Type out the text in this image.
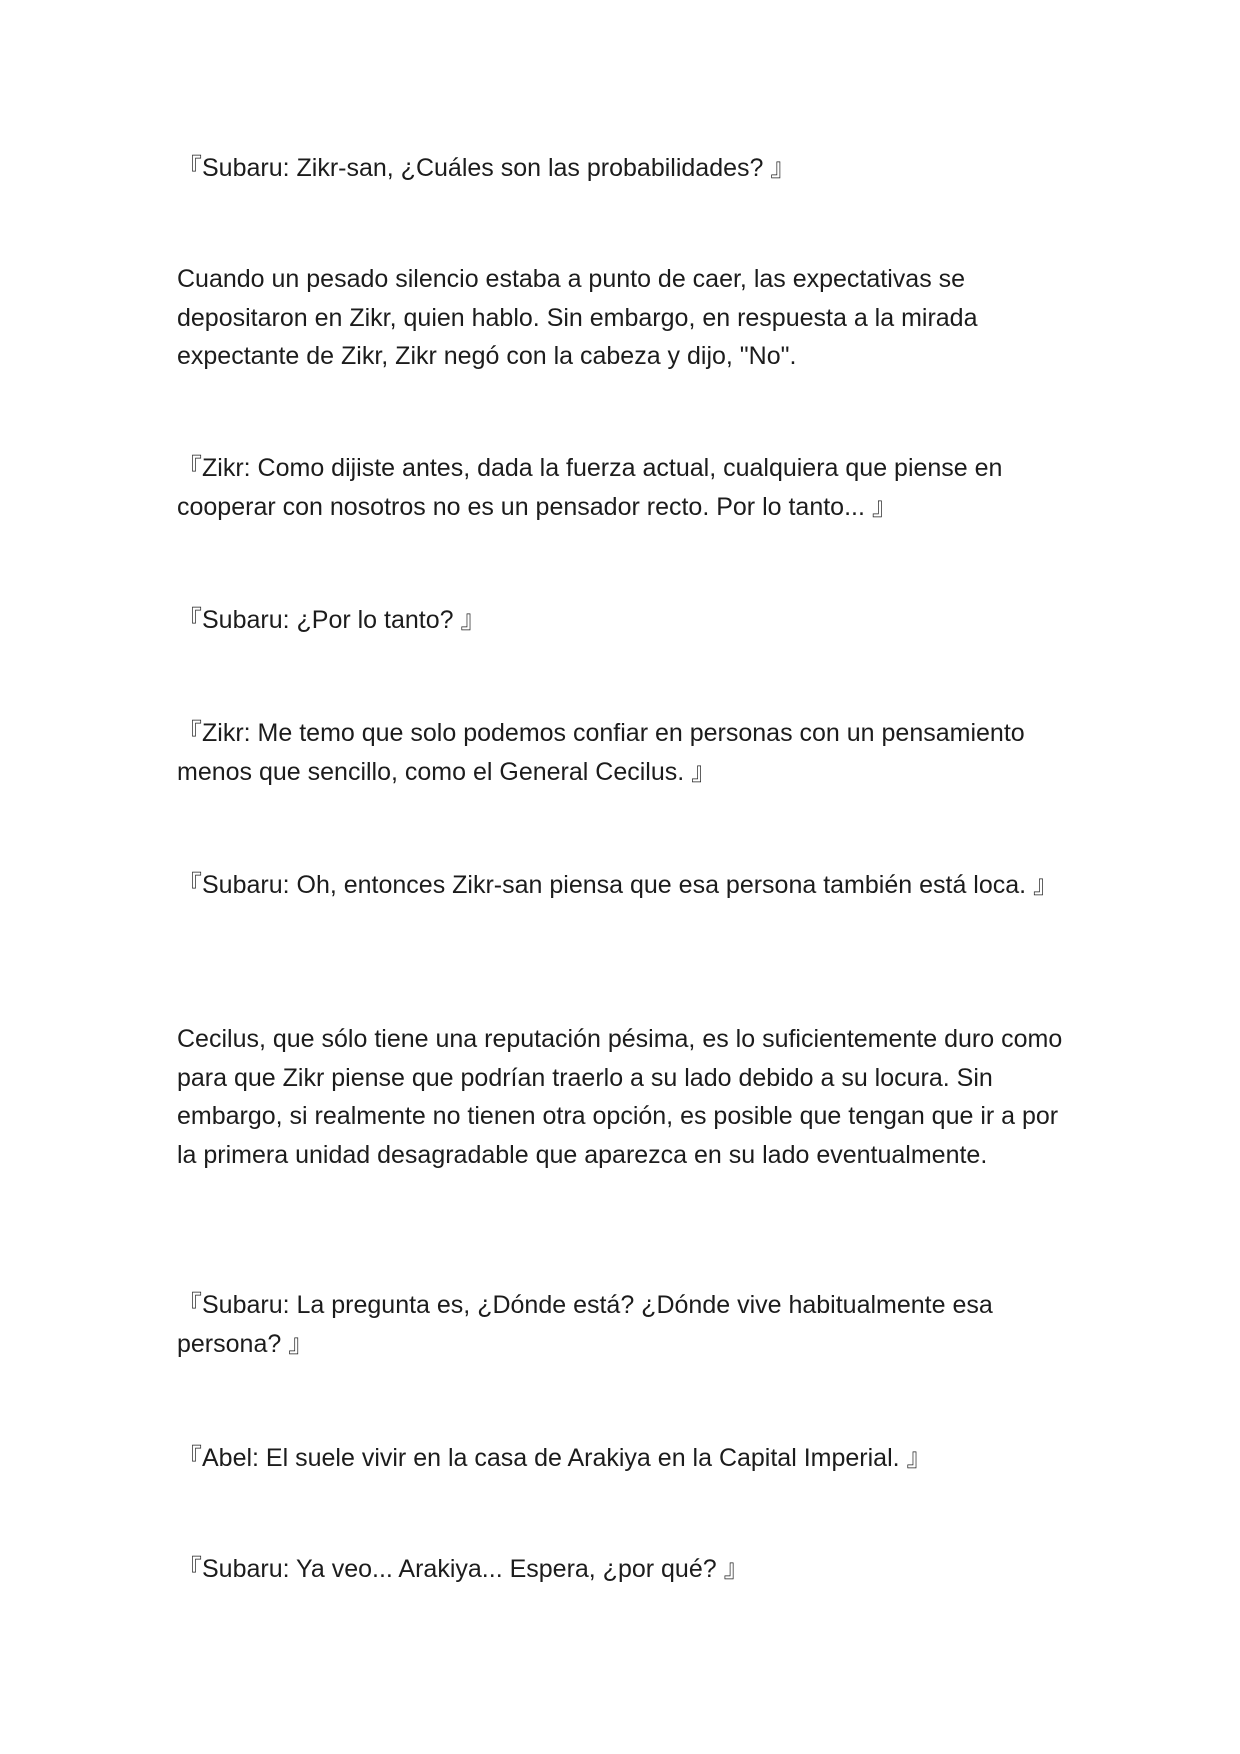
『Subaru: Zikr-san, ¿Cuáles son las probabilidades? 』

Cuando un pesado silencio estaba a punto de caer, las expectativas se depositaron en Zikr, quien hablo. Sin embargo, en respuesta a la mirada expectante de Zikr, Zikr negó con la cabeza y dijo, "No".

『Zikr: Como dijiste antes, dada la fuerza actual, cualquiera que piense en cooperar con nosotros no es un pensador recto. Por lo tanto... 』

『Subaru: ¿Por lo tanto? 』

『Zikr: Me temo que solo podemos confiar en personas con un pensamiento menos que sencillo, como el General Cecilus. 』

『Subaru: Oh, entonces Zikr-san piensa que esa persona también está loca. 』

Cecilus, que sólo tiene una reputación pésima, es lo suficientemente duro como para que Zikr piense que podrían traerlo a su lado debido a su locura. Sin embargo, si realmente no tienen otra opción, es posible que tengan que ir a por la primera unidad desagradable que aparezca en su lado eventualmente.

『Subaru: La pregunta es, ¿Dónde está? ¿Dónde vive habitualmente esa persona? 』

『Abel: El suele vivir en la casa de Arakiya en la Capital Imperial. 』

『Subaru: Ya veo... Arakiya... Espera, ¿por qué? 』
